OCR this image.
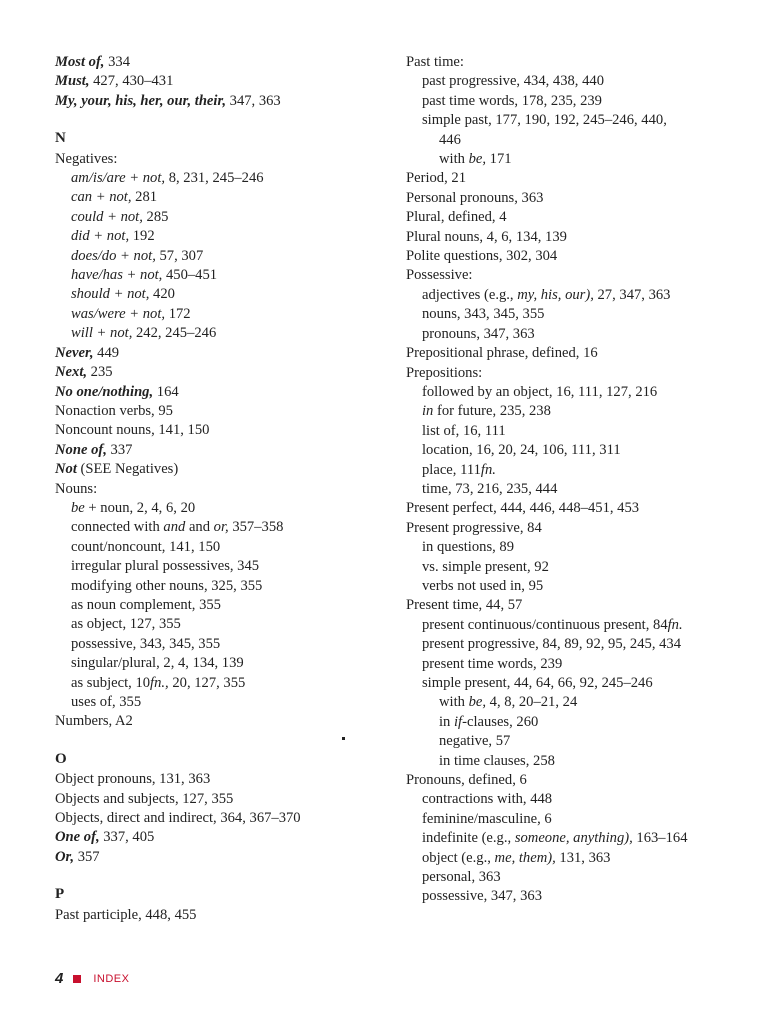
Most of, 334
Must, 427, 430–431
My, your, his, her, our, their, 347, 363
N
Negatives:
am/is/are + not, 8, 231, 245–246
can + not, 281
could + not, 285
did + not, 192
does/do + not, 57, 307
have/has + not, 450–451
should + not, 420
was/were + not, 172
will + not, 242, 245–246
Never, 449
Next, 235
No one/nothing, 164
Nonaction verbs, 95
Noncount nouns, 141, 150
None of, 337
Not (SEE Negatives)
Nouns:
be + noun, 2, 4, 6, 20
connected with and and or, 357–358
count/noncount, 141, 150
irregular plural possessives, 345
modifying other nouns, 325, 355
as noun complement, 355
as object, 127, 355
possessive, 343, 345, 355
singular/plural, 2, 4, 134, 139
as subject, 10fn., 20, 127, 355
uses of, 355
Numbers, A2
O
Object pronouns, 131, 363
Objects and subjects, 127, 355
Objects, direct and indirect, 364, 367–370
One of, 337, 405
Or, 357
P
Past participle, 448, 455
Past time:
past progressive, 434, 438, 440
past time words, 178, 235, 239
simple past, 177, 190, 192, 245–246, 440,
446
with be, 171
Period, 21
Personal pronouns, 363
Plural, defined, 4
Plural nouns, 4, 6, 134, 139
Polite questions, 302, 304
Possessive:
adjectives (e.g., my, his, our), 27, 347, 363
nouns, 343, 345, 355
pronouns, 347, 363
Prepositional phrase, defined, 16
Prepositions:
followed by an object, 16, 111, 127, 216
in for future, 235, 238
list of, 16, 111
location, 16, 20, 24, 106, 111, 311
place, 111fn.
time, 73, 216, 235, 444
Present perfect, 444, 446, 448–451, 453
Present progressive, 84
in questions, 89
vs. simple present, 92
verbs not used in, 95
Present time, 44, 57
present continuous/continuous present, 84fn.
present progressive, 84, 89, 92, 95, 245, 434
present time words, 239
simple present, 44, 64, 66, 92, 245–246
with be, 4, 8, 20–21, 24
in if-clauses, 260
negative, 57
in time clauses, 258
Pronouns, defined, 6
contractions with, 448
feminine/masculine, 6
indefinite (e.g., someone, anything), 163–164
object (e.g., me, them), 131, 363
personal, 363
possessive, 347, 363
4	INDEX
